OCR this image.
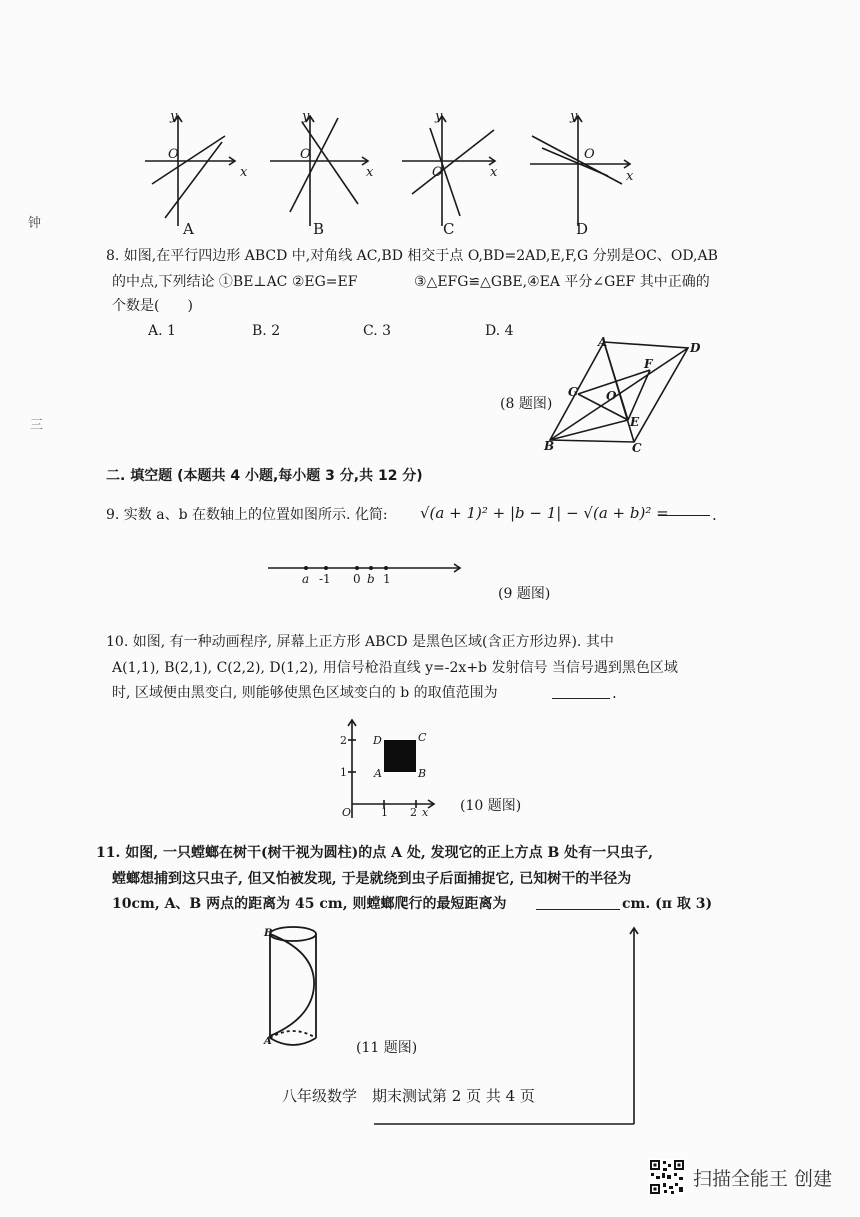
y
x
O
y
x
O
y
x
O
y
x
O
A	B	C	D
钟
三
8. 如图,在平行四边形 ABCD 中,对角线 AC,BD 相交于点 O,BD=2AD,E,F,G 分别是OC、OD,AB
的中点,下列结论 ①BE⊥AC ②EG=EF	③△EFG≌△GBE,④EA 平分∠GEF 其中正确的
个数是(　　)
A. 1	B. 2	C. 3	D. 4
A
B	C
D
E
F
G O
(8 题图)
二. 填空题 (本题共 4 小题,每小题 3 分,共 12 分)
9. 实数 a、b 在数轴上的位置如图所示. 化简: √(a + 1)² + |b − 1| − √(a + b)² =	.
a -1 0 b 1
(9 题图)
10. 如图, 有一种动画程序, 屏幕上正方形 ABCD 是黑色区域(含正方形边界). 其中
A(1,1), B(2,1), C(2,2), D(1,2), 用信号枪沿直线 y=-2x+b 发射信号 当信号遇到黑色区域
时, 区域便由黑变白, 则能够使黑色区域变白的 b 的取值范围为	.
2
1
O	1 2 x
A	B
C
D
(10 题图)
11. 如图, 一只螳螂在树干(树干视为圆柱)的点 A 处, 发现它的正上方点 B 处有一只虫子,
螳螂想捕到这只虫子, 但又怕被发现, 于是就绕到虫子后面捕捉它, 已知树干的半径为
10cm, A、B 两点的距离为 45 cm, 则螳螂爬行的最短距离为	cm. (π 取 3)
B
A	(11 题图)
八年级数学　期末测试第 2 页 共 4 页
扫描全能王 创建
